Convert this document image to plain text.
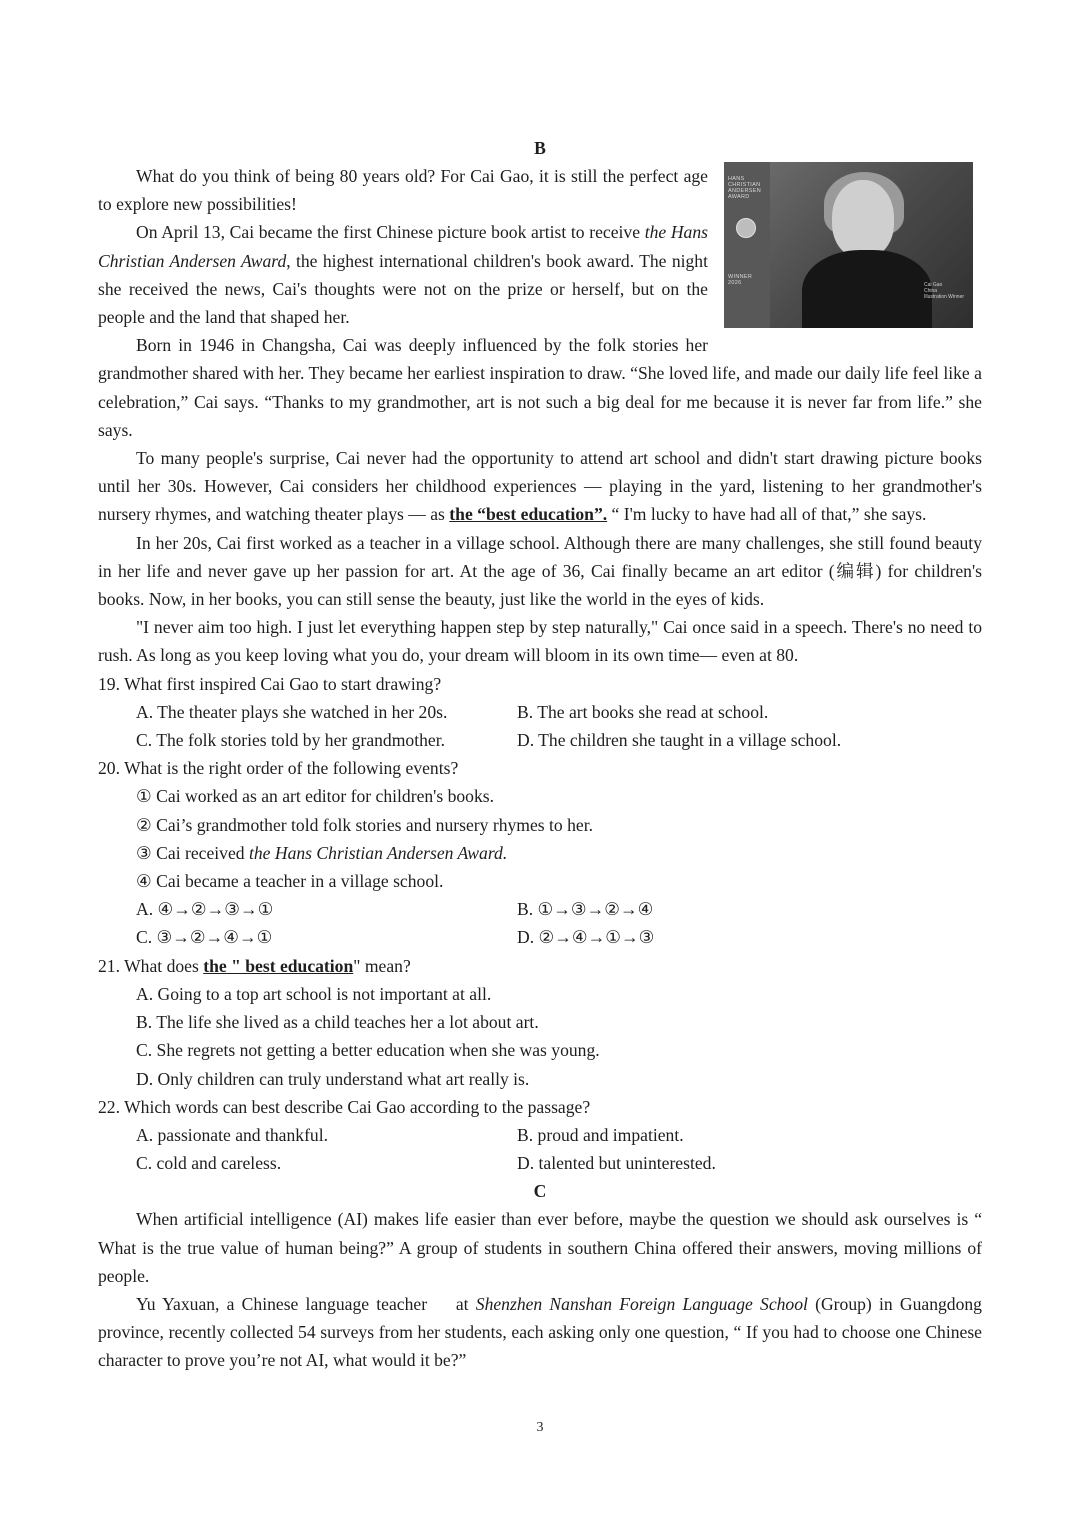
B

HANS
CHRISTIAN
ANDERSEN
AWARD
WINNER
2026	Cai Gao
China
Illustration Winner

What do you think of being 80 years old? For Cai Gao, it is still the perfect age to explore new possibilities!

On April 13, Cai became the first Chinese picture book artist to receive the Hans Christian Andersen Award, the highest international children's book award. The night she received the news, Cai's thoughts were not on the prize or herself, but on the people and the land that shaped her.

Born in 1946 in Changsha, Cai was deeply influenced by the folk stories her grandmother shared with her. They became her earliest inspiration to draw. “She loved life, and made our daily life feel like a celebration,” Cai says. “Thanks to my grandmother, art is not such a big deal for me because it is never far from life.” she says.

To many people's surprise, Cai never had the opportunity to attend art school and didn't start drawing picture books until her 30s. However, Cai considers her childhood experiences — playing in the yard, listening to her grandmother's nursery rhymes, and watching theater plays — as the “best education”. “ I'm lucky to have had all of that,” she says.

In her 20s, Cai first worked as a teacher in a village school. Although there are many challenges, she still found beauty in her life and never gave up her passion for art. At the age of 36, Cai finally became an art editor (编辑) for children's books. Now, in her books, you can still sense the beauty, just like the world in the eyes of kids.

"I never aim too high. I just let everything happen step by step naturally," Cai once said in a speech. There's no need to rush. As long as you keep loving what you do, your dream will bloom in its own time— even at 80.

19. What first inspired Cai Gao to start drawing?

A. The theater plays she watched in her 20s.	B. The art books she read at school.
C. The folk stories told by her grandmother.	D. The children she taught in a village school.

20. What is the right order of the following events?

① Cai worked as an art editor for children's books.

② Cai’s grandmother told folk stories and nursery rhymes to her.

③ Cai received the Hans Christian Andersen Award.

④ Cai became a teacher in a village school.

A. ④→②→③→①	B. ①→③→②→④
C. ③→②→④→①	D. ②→④→①→③

21. What does the " best education" mean?

A. Going to a top art school is not important at all.

B. The life she lived as a child teaches her a lot about art.

C. She regrets not getting a better education when she was young.

D. Only children can truly understand what art really is.

22. Which words can best describe Cai Gao according to the passage?

A. passionate and thankful.	B. proud and impatient.
C. cold and careless.	D. talented but uninterested.

C

When artificial intelligence (AI) makes life easier than ever before, maybe the question we should ask ourselves is “ What is the true value of human being?” A group of students in southern China offered their answers, moving millions of people.

Yu Yaxuan, a Chinese language teacher    at Shenzhen Nanshan Foreign Language School (Group) in Guangdong province, recently collected 54 surveys from her students, each asking only one question, “ If you had to choose one Chinese character to prove you’re not AI, what would it be?”

3
